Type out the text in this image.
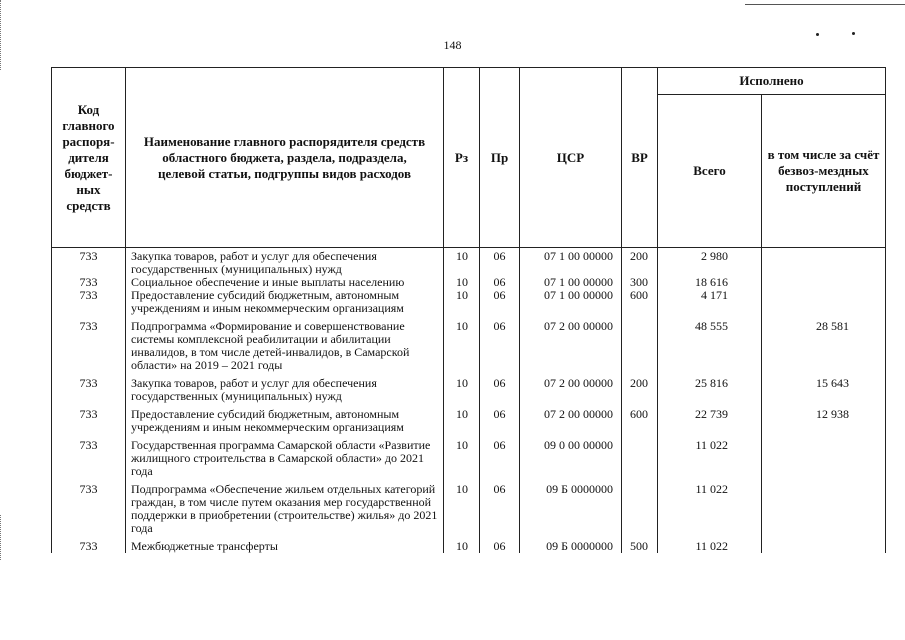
148
Код главного распоря-дителя бюджет-ных средств	Наименование главного распорядителя средств областного бюджета, раздела, подраздела, целевой статьи, подгруппы видов расходов	Рз	Пр	ЦСР	ВР	Исполнено	
						Всего	в том числе за счёт безвоз-мездных поступлений
733	Закупка товаров, работ и услуг для обеспечения государственных (муниципальных) нужд	10	06	07 1 00 00000	200	2 980	
733	Социальное обеспечение и иные выплаты населению	10	06	07 1 00 00000	300	18 616	
733	Предоставление субсидий бюджетным, автономным учреждениям и иным некоммерческим организациям	10	06	07 1 00 00000	600	4 171	
733	Подпрограмма «Формирование и совершенствование системы комплексной реабилитации и абилитации инвалидов, в том числе детей-инвалидов, в Самарской области» на 2019 – 2021 годы	10	06	07 2 00 00000		48 555	28 581
733	Закупка товаров, работ и услуг для обеспечения государственных (муниципальных) нужд	10	06	07 2 00 00000	200	25 816	15 643
733	Предоставление субсидий бюджетным, автономным учреждениям и иным некоммерческим организациям	10	06	07 2 00 00000	600	22 739	12 938
733	Государственная программа Самарской области «Развитие жилищного строительства в Самарской области» до 2021 года	10	06	09 0 00 00000		11 022	
733	Подпрограмма «Обеспечение жильем отдельных категорий граждан, в том числе путем оказания мер государственной поддержки в приобретении (строительстве) жилья» до 2021 года	10	06	09 Б 0000000		11 022	
733	Межбюджетные трансферты	10	06	09 Б 0000000	500	11 022	
